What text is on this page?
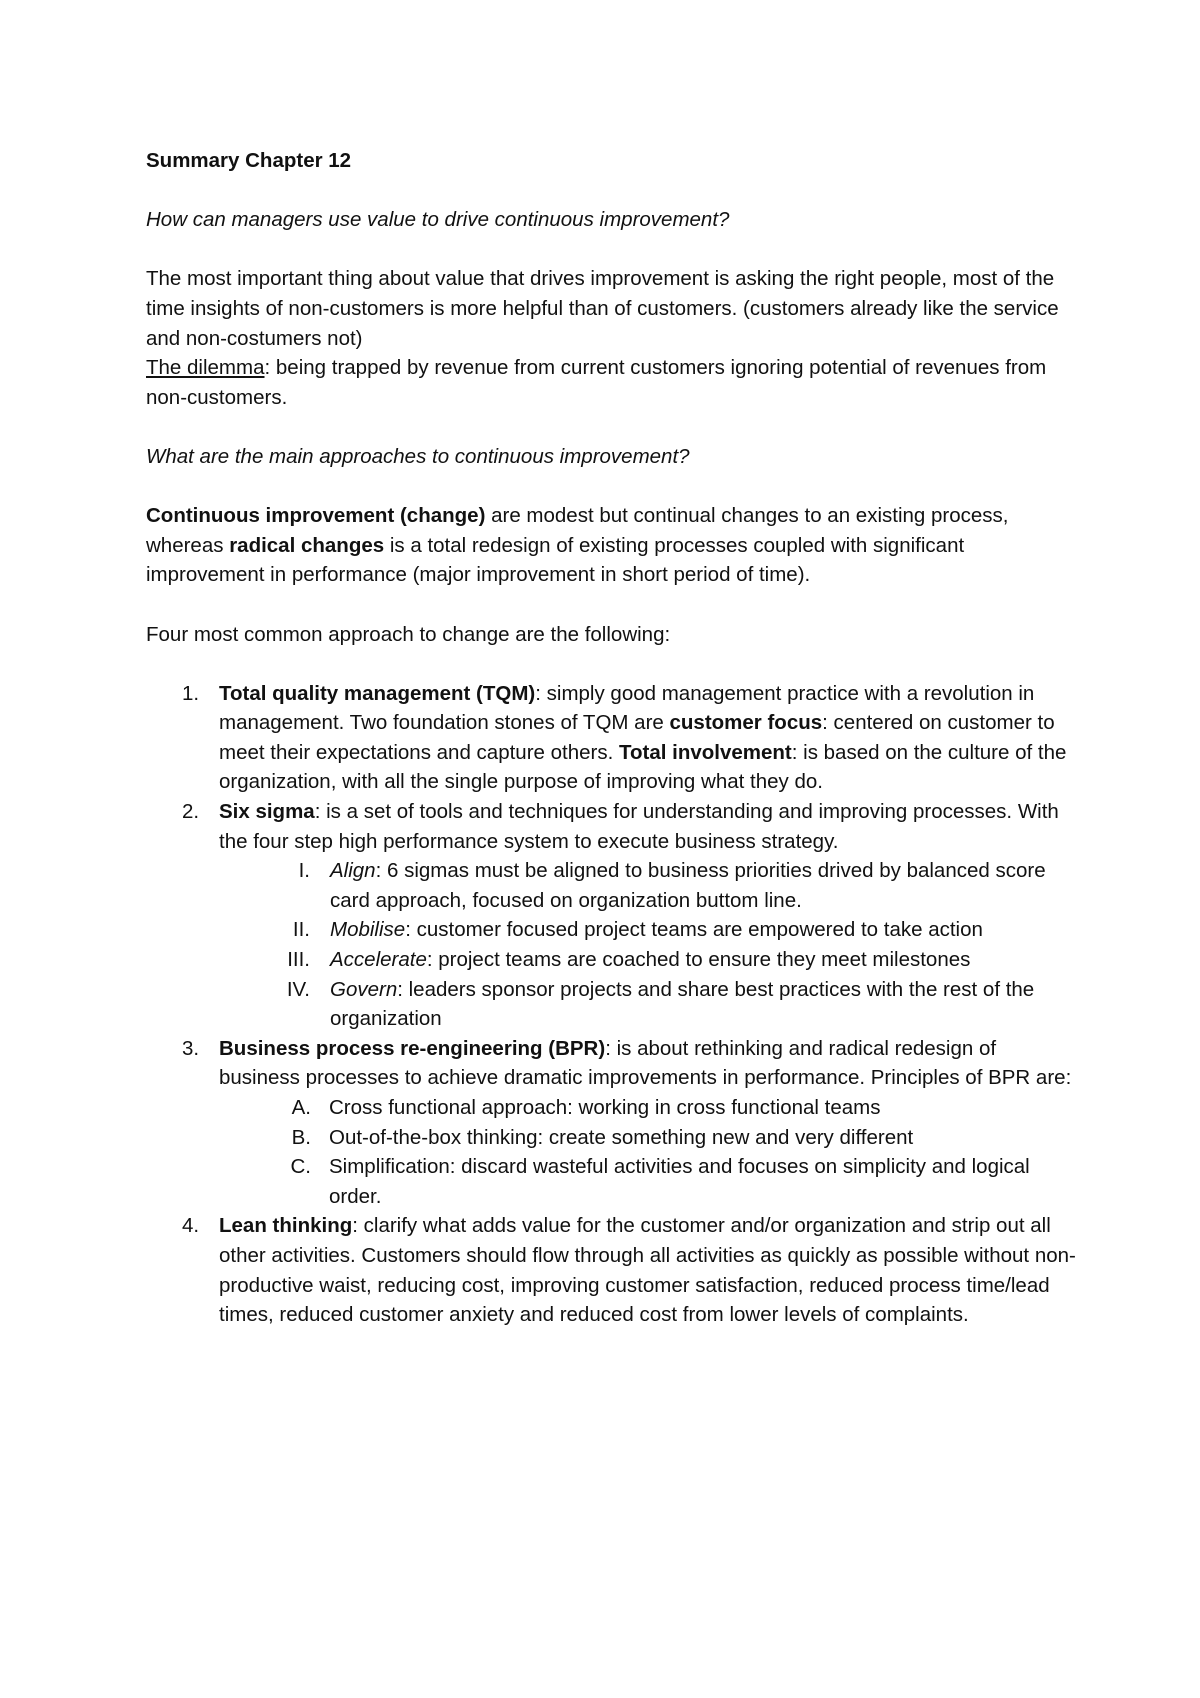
Summary Chapter 12

How can managers use value to drive continuous improvement?

The most important thing about value that drives improvement is asking the right people, most of the time insights of non-customers is more helpful than of customers. (customers already like the service and non-costumers not)

The dilemma: being trapped by revenue from current customers ignoring potential of revenues from non-customers.

What are the main approaches to continuous improvement?

Continuous improvement (change) are modest but continual changes to an existing process, whereas radical changes is a total redesign of existing processes coupled with significant improvement in performance (major improvement in short period of time).

Four most common approach to change are the following:

1. Total quality management (TQM): simply good management practice with a revolution in management. Two foundation stones of TQM are customer focus: centered on customer to meet their expectations and capture others. Total involvement: is based on the culture of the organization, with all the single purpose of improving what they do.
2. Six sigma: is a set of tools and techniques for understanding and improving processes. With the four step high performance system to execute business strategy.
I. Align: 6 sigmas must be aligned to business priorities drived by balanced score card approach, focused on organization buttom line.
II. Mobilise: customer focused project teams are empowered to take action
III. Accelerate: project teams are coached to ensure they meet milestones
IV. Govern: leaders sponsor projects and share best practices with the rest of the organization
3. Business process re-engineering (BPR): is about rethinking and radical redesign of business processes to achieve dramatic improvements in performance. Principles of BPR are:
A. Cross functional approach: working in cross functional teams
B. Out-of-the-box thinking: create something new and very different
C. Simplification: discard wasteful activities and focuses on simplicity and logical order.
4. Lean thinking: clarify what adds value for the customer and/or organization and strip out all other activities. Customers should flow through all activities as quickly as possible without non-productive waist, reducing cost, improving customer satisfaction, reduced process time/lead times, reduced customer anxiety and reduced cost from lower levels of complaints.
